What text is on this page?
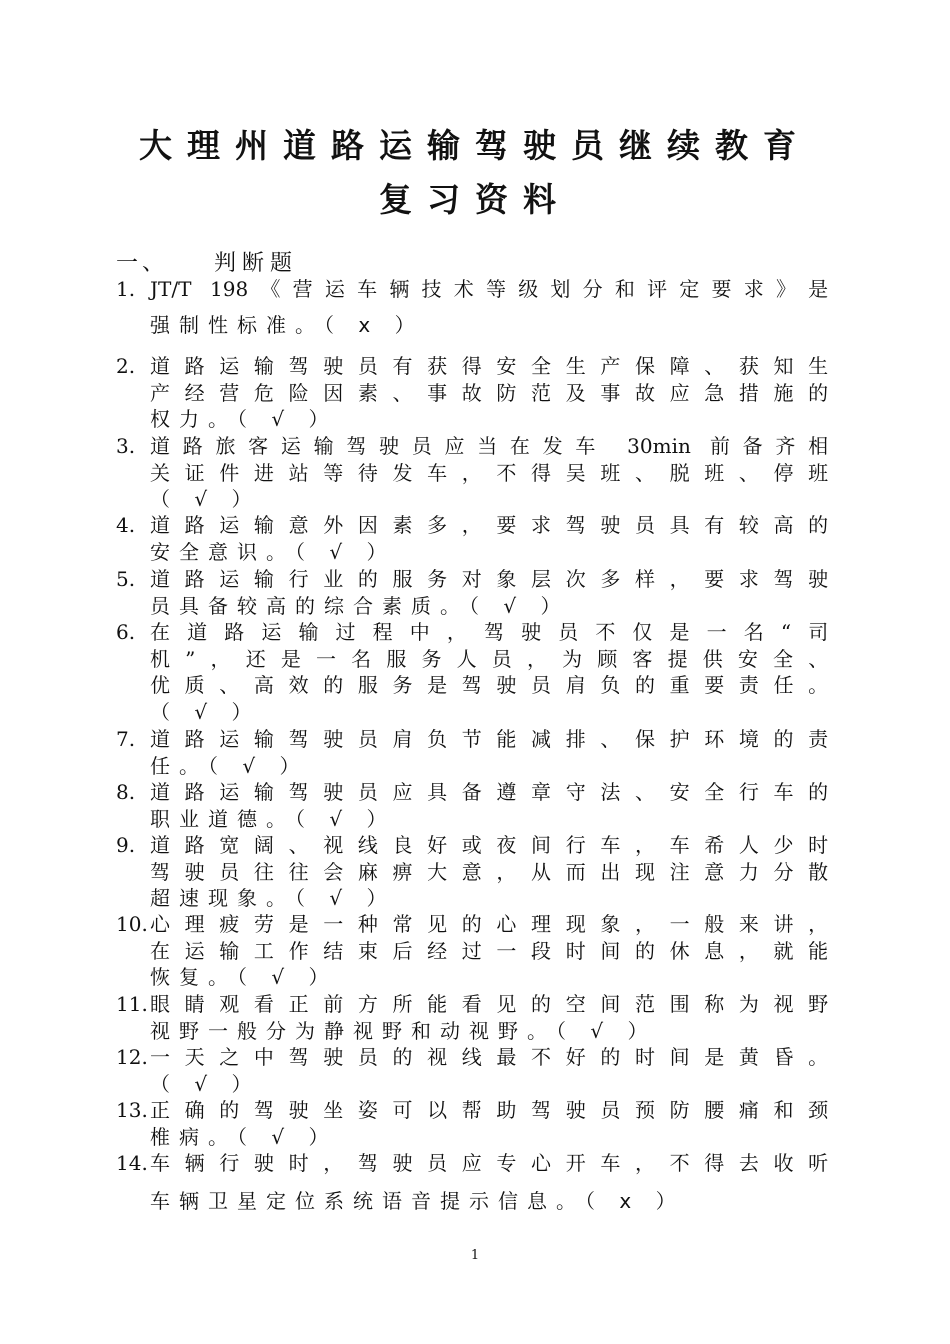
大理州道路运输驾驶员继续教育
复习资料
一、 判断题
1. JT/T 198《营运车辆技术等级划分和评定要求》是
强制性标准。（ x ）
2. 道路运输驾驶员有获得安全生产保障、获知生
产经营危险因素、事故防范及事故应急措施的
权力。（ √ ）
3. 道路旅客运输驾驶员应当在发车 30min 前备齐相
关证件进站等待发车，不得吴班、脱班、停班
（ √ ）
4. 道路运输意外因素多，要求驾驶员具有较高的
安全意识。（ √ ）
5. 道路运输行业的服务对象层次多样，要求驾驶
员具备较高的综合素质。（ √ ）
6. 在道路运输过程中，驾驶员不仅是一名“司
机”，还是一名服务人员，为顾客提供安全、
优质、高效的服务是驾驶员肩负的重要责任。
（ √ ）
7. 道路运输驾驶员肩负节能减排、保护环境的责
任。（ √ ）
8. 道路运输驾驶员应具备遵章守法、安全行车的
职业道德。（ √ ）
9. 道路宽阔、视线良好或夜间行车，车希人少时
驾驶员往往会麻痹大意，从而出现注意力分散
超速现象。（ √ ）
10. 心理疲劳是一种常见的心理现象，一般来讲，
在运输工作结束后经过一段时间的休息，就能
恢复。（ √ ）
11. 眼睛观看正前方所能看见的空间范围称为视野
视野一般分为静视野和动视野。（ √ ）
12. 一天之中驾驶员的视线最不好的时间是黄昏。
（ √ ）
13. 正确的驾驶坐姿可以帮助驾驶员预防腰痛和颈
椎病。（ √ ）
14. 车辆行驶时，驾驶员应专心开车，不得去收听
车辆卫星定位系统语音提示信息。（ x ）
1
